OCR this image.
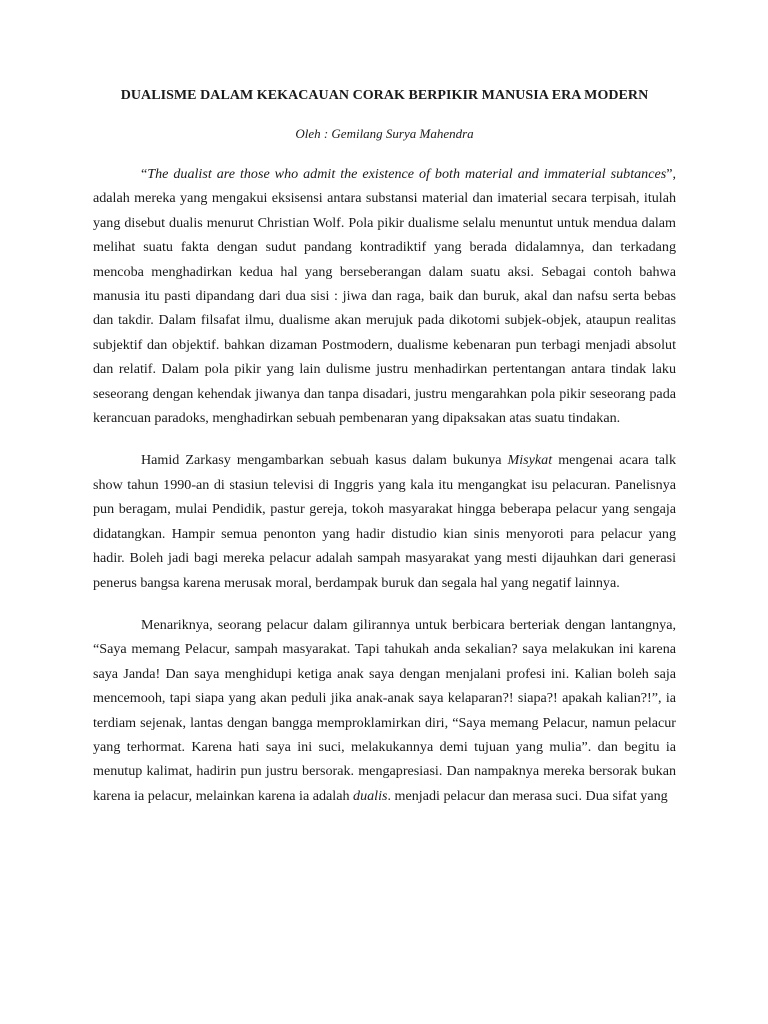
DUALISME DALAM KEKACAUAN CORAK BERPIKIR MANUSIA ERA MODERN

Oleh : Gemilang Surya Mahendra

“The dualist are those who admit the existence of both material and immaterial subtances”, adalah mereka yang mengakui eksisensi antara substansi material dan imaterial secara terpisah, itulah yang disebut dualis menurut Christian Wolf. Pola pikir dualisme selalu menuntut untuk mendua dalam melihat suatu fakta dengan sudut pandang kontradiktif yang berada didalamnya, dan terkadang mencoba menghadirkan kedua hal yang berseberangan dalam suatu aksi. Sebagai contoh bahwa manusia itu pasti dipandang dari dua sisi : jiwa dan raga, baik dan buruk, akal dan nafsu serta bebas dan takdir. Dalam filsafat ilmu, dualisme akan merujuk pada dikotomi subjek-objek, ataupun realitas subjektif dan objektif. bahkan dizaman Postmodern, dualisme kebenaran pun terbagi menjadi absolut dan relatif. Dalam pola pikir yang lain dulisme justru menhadirkan pertentangan antara tindak laku seseorang dengan kehendak jiwanya dan tanpa disadari, justru mengarahkan pola pikir seseorang pada kerancuan paradoks, menghadirkan sebuah pembenaran yang dipaksakan atas suatu tindakan.

Hamid Zarkasy mengambarkan sebuah kasus dalam bukunya Misykat mengenai acara talk show tahun 1990-an di stasiun televisi di Inggris yang kala itu mengangkat isu pelacuran. Panelisnya pun beragam, mulai Pendidik, pastur gereja, tokoh masyarakat hingga beberapa pelacur yang sengaja didatangkan. Hampir semua penonton yang hadir distudio kian sinis menyoroti para pelacur yang hadir. Boleh jadi bagi mereka pelacur adalah sampah masyarakat yang mesti dijauhkan dari generasi penerus bangsa karena merusak moral, berdampak buruk dan segala hal yang negatif lainnya.

Menariknya, seorang pelacur dalam gilirannya untuk berbicara berteriak dengan lantangnya, “Saya memang Pelacur, sampah masyarakat. Tapi tahukah anda sekalian? saya melakukan ini karena saya Janda! Dan saya menghidupi ketiga anak saya dengan menjalani profesi ini. Kalian boleh saja mencemooh, tapi siapa yang akan peduli jika anak-anak saya kelaparan?! siapa?! apakah kalian?!”, ia terdiam sejenak, lantas dengan bangga memproklamirkan diri, “Saya memang Pelacur, namun pelacur yang terhormat. Karena hati saya ini suci, melakukannya demi tujuan yang mulia”. dan begitu ia menutup kalimat, hadirin pun justru bersorak. mengapresiasi. Dan nampaknya mereka bersorak bukan karena ia pelacur, melainkan karena ia adalah dualis. menjadi pelacur dan merasa suci. Dua sifat yang
